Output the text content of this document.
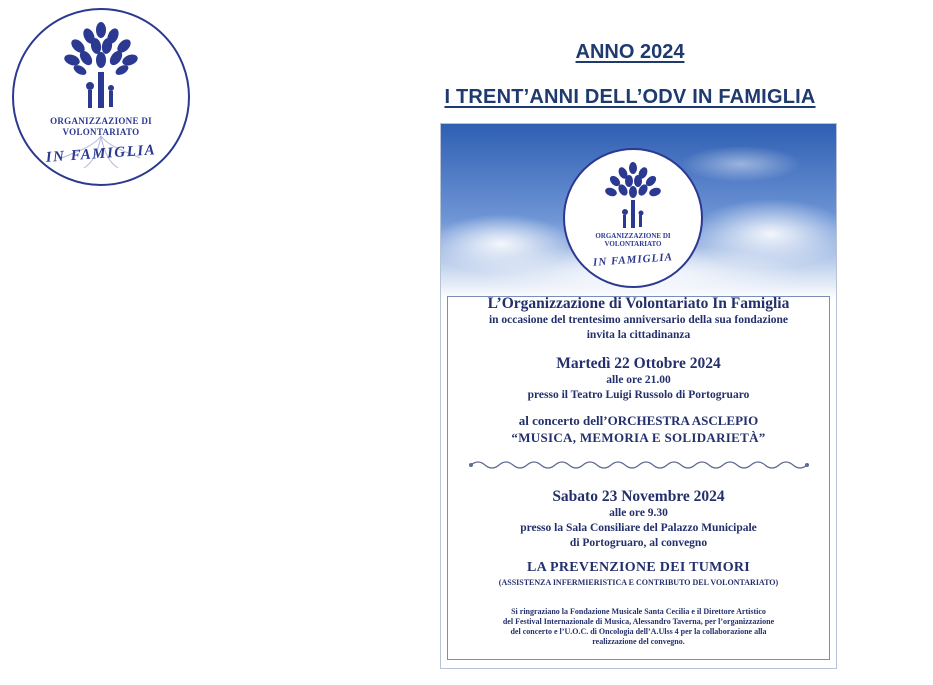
ORGANIZZAZIONE DI
VOLONTARIATO
IN FAMIGLIA
ANNO 2024
I TRENT’ANNI DELL’ODV IN FAMIGLIA
ORGANIZZAZIONE DI
VOLONTARIATO
IN FAMIGLIA
L’Organizzazione di Volontariato In Famiglia
in occasione del trentesimo anniversario della sua fondazione
invita la cittadinanza
Martedì 22 Ottobre 2024
alle ore 21.00
presso il Teatro Luigi Russolo di Portogruaro
al concerto dell’ORCHESTRA ASCLEPIO
“MUSICA, MEMORIA E SOLIDARIETÀ”
Sabato 23 Novembre 2024
alle ore 9.30
presso la Sala Consiliare del Palazzo Municipale
di Portogruaro, al convegno
LA PREVENZIONE DEI TUMORI
(ASSISTENZA INFERMIERISTICA E CONTRIBUTO DEL VOLONTARIATO)
Si ringraziano la Fondazione Musicale Santa Cecilia e il Direttore Artistico
del Festival Internazionale di Musica, Alessandro Taverna, per l’organizzazione
del concerto e l’U.O.C. di Oncologia dell’A.Ulss 4 per la collaborazione alla
realizzazione del convegno.
